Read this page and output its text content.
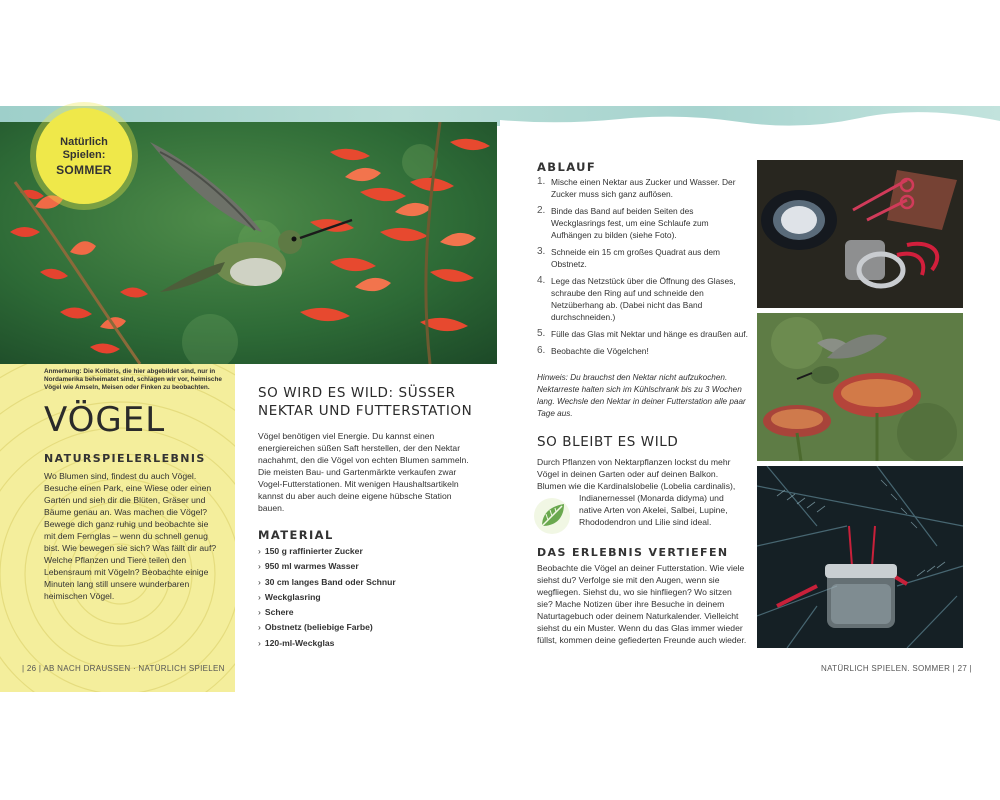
Natürlich
Spielen:
SOMMER
Anmerkung: Die Kolibris, die hier abgebildet sind, nur in Nordamerika beheimatet sind, schlagen wir vor, heimische Vögel wie Amseln, Meisen oder Finken zu beobachten.
VÖGEL
NATURSPIELERLEBNIS
Wo Blumen sind, findest du auch Vögel. Besuche einen Park, eine Wiese oder einen Garten und sieh dir die Blüten, Gräser und Bäume genau an. Was machen die Vögel? Bewege dich ganz ruhig und beobachte sie mit dem Fernglas – wenn du schnell genug bist. Wie bewegen sie sich? Was fällt dir auf? Welche Pflanzen und Tiere teilen den Lebensraum mit Vögeln? Beobachte einige Minuten lang still unsere wunderbaren heimischen Vögel.
| 26 | AB NACH DRAUSSEN · NATÜRLICH SPIELEN
SO WIRD ES WILD: SÜSSER NEKTAR UND FUTTERSTATION
Vögel benötigen viel Energie. Du kannst einen energiereichen süßen Saft herstellen, der den Nektar nachahmt, den die Vögel von echten Blumen sammeln. Die meisten Bau- und Gartenmärkte verkaufen zwar Vogel-Futterstationen. Mit wenigen Haushaltsartikeln kannst du aber auch deine eigene hübsche Station bauen.
MATERIAL
› 150 g raffinierter Zucker
› 950 ml warmes Wasser
› 30 cm langes Band oder Schnur
› Weckglasring
› Schere
› Obstnetz (beliebige Farbe)
› 120-ml-Weckglas
ABLAUF
1. Mische einen Nektar aus Zucker und Wasser. Der Zucker muss sich ganz auflösen.
2. Binde das Band auf beiden Seiten des Weckglasrings fest, um eine Schlaufe zum Aufhängen zu bilden (siehe Foto).
3. Schneide ein 15 cm großes Quadrat aus dem Obstnetz.
4. Lege das Netzstück über die Öffnung des Glases, schraube den Ring auf und schneide den Netzüberhang ab. (Dabei nicht das Band durchschneiden.)
5. Fülle das Glas mit Nektar und hänge es draußen auf.
6. Beobachte die Vögelchen!
Hinweis: Du brauchst den Nektar nicht aufzukochen. Nektarreste halten sich im Kühlschrank bis zu 3 Wochen lang. Wechsle den Nektar in deiner Futterstation alle paar Tage aus.
SO BLEIBT ES WILD
Durch Pflanzen von Nektarpflanzen lockst du mehr Vögel in deinen Garten oder auf deinen Balkon. Blumen wie die Kardinalslobelie (Lobelia cardinalis),
Indianernessel (Monarda didyma) und native Arten von Akelei, Salbei, Lupine, Rhododendron und Lilie sind ideal.
DAS ERLEBNIS VERTIEFEN
Beobachte die Vögel an deiner Futterstation. Wie viele siehst du? Verfolge sie mit den Augen, wenn sie wegfliegen. Siehst du, wo sie hinfliegen? Wo sitzen sie? Mache Notizen über ihre Besuche in deinem Naturtagebuch oder deinem Naturkalender. Vielleicht siehst du ein Muster. Wenn du das Glas immer wieder füllst, kommen deine gefiederten Freunde auch wieder.
NATÜRLICH SPIELEN. SOMMER | 27 |
